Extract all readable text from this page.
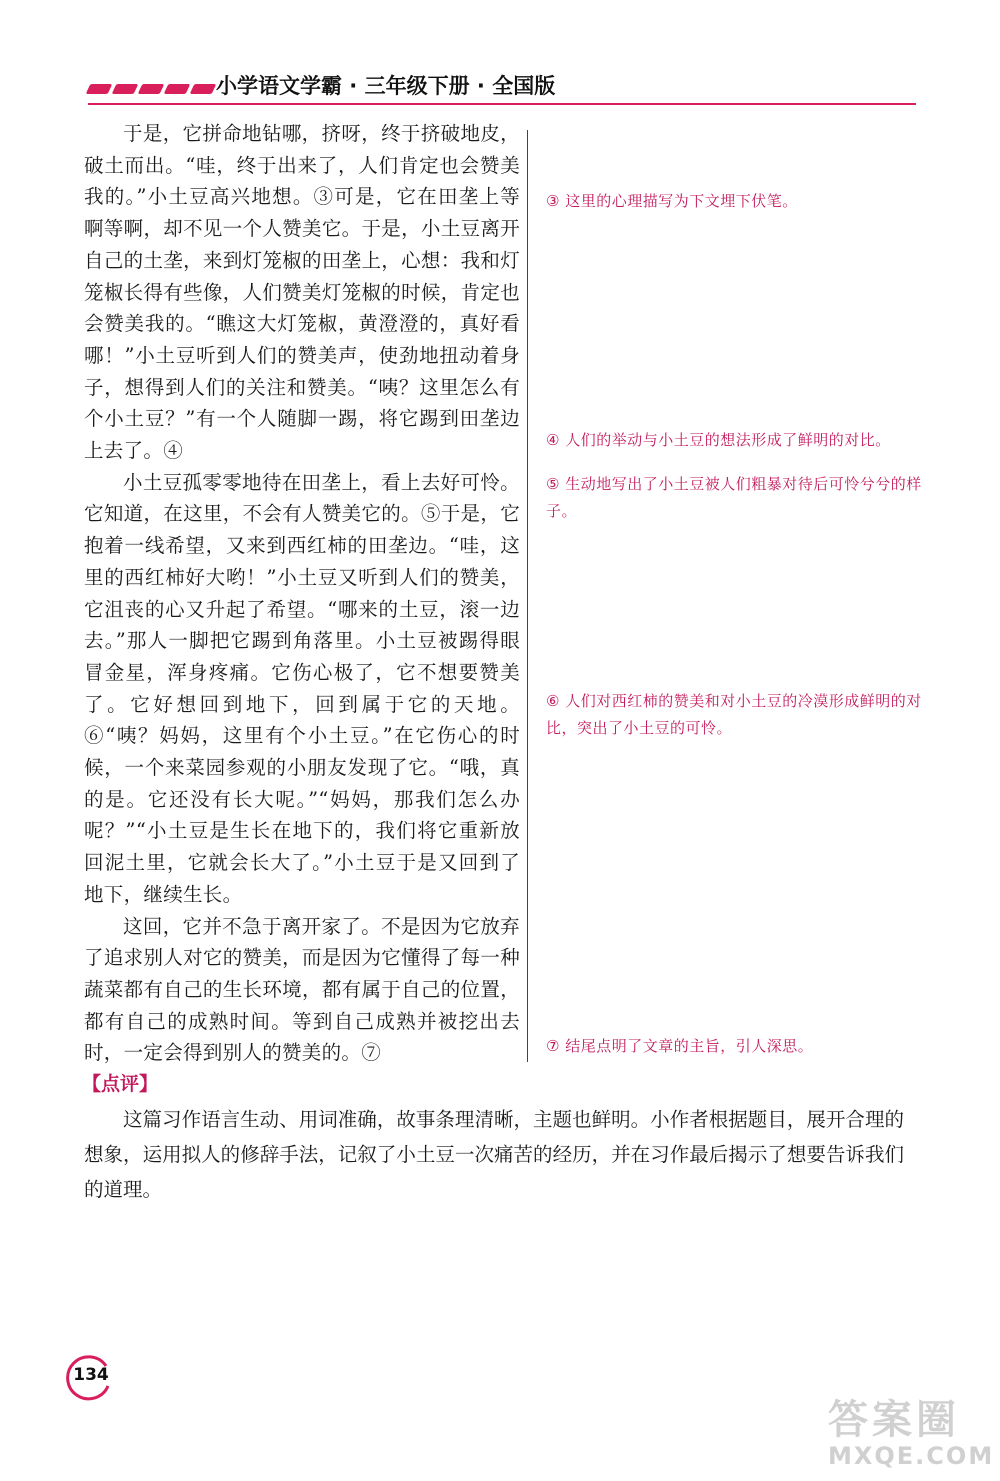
小学语文学霸 · 三年级下册 · 全国版

于是，它拼命地钻哪，挤呀，终于挤破地皮，破土而出。“哇，终于出来了，人们肯定也会赞美我的。”小土豆高兴地想。③可是，它在田垄上等啊等啊，却不见一个人赞美它。于是，小土豆离开自己的土垄，来到灯笼椒的田垄上，心想：我和灯笼椒长得有些像，人们赞美灯笼椒的时候，肯定也会赞美我的。“瞧这大灯笼椒，黄澄澄的，真好看哪！”小土豆听到人们的赞美声，使劲地扭动着身子，想得到人们的关注和赞美。“咦？这里怎么有个小土豆？”有一个人随脚一踢，将它踢到田垄边上去了。④

小土豆孤零零地待在田垄上，看上去好可怜。它知道，在这里，不会有人赞美它的。⑤于是，它抱着一线希望，又来到西红柿的田垄边。“哇，这里的西红柿好大哟！”小土豆又听到人们的赞美，它沮丧的心又升起了希望。“哪来的土豆，滚一边去。”那人一脚把它踢到角落里。小土豆被踢得眼冒金星，浑身疼痛。它伤心极了，它不想要赞美了。它好想回到地下，回到属于它的天地。⑥“咦？妈妈，这里有个小土豆。”在它伤心的时候，一个来菜园参观的小朋友发现了它。“哦，真的是。它还没有长大呢。”“妈妈，那我们怎么办呢？”“小土豆是生长在地下的，我们将它重新放回泥土里，它就会长大了。”小土豆于是又回到了地下，继续生长。

这回，它并不急于离开家了。不是因为它放弃了追求别人对它的赞美，而是因为它懂得了每一种蔬菜都有自己的生长环境，都有属于自己的位置，都有自己的成熟时间。等到自己成熟并被挖出去时，一定会得到别人的赞美的。⑦

③ 这里的心理描写为下文埋下伏笔。
④ 人们的举动与小土豆的想法形成了鲜明的对比。
⑤ 生动地写出了小土豆被人们粗暴对待后可怜兮兮的样子。
⑥ 人们对西红柿的赞美和对小土豆的冷漠形成鲜明的对比，突出了小土豆的可怜。
⑦ 结尾点明了文章的主旨，引人深思。
【点评】

这篇习作语言生动、用词准确，故事条理清晰，主题也鲜明。小作者根据题目，展开合理的想象，运用拟人的修辞手法，记叙了小土豆一次痛苦的经历，并在习作最后揭示了想要告诉我们的道理。

134
答案圈
MXQE.COM
